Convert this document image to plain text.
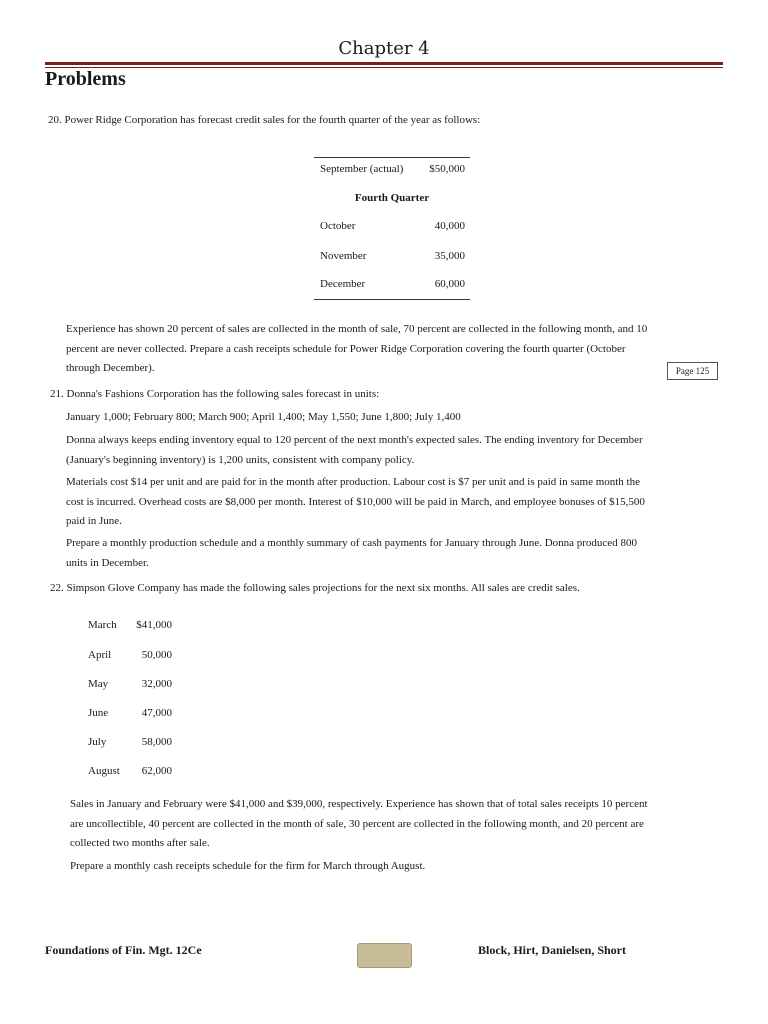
Chapter 4
Problems
20. Power Ridge Corporation has forecast credit sales for the fourth quarter of the year as follows:
September (actual)	$50,000
Fourth Quarter
October	40,000
November	35,000
December	60,000
Experience has shown 20 percent of sales are collected in the month of sale, 70 percent are collected in the following month, and 10
percent are never collected. Prepare a cash receipts schedule for Power Ridge Corporation covering the fourth quarter (October
through December).	Page 125
21. Donna's Fashions Corporation has the following sales forecast in units:
January 1,000; February 800; March 900; April 1,400; May 1,550; June 1,800; July 1,400
Donna always keeps ending inventory equal to 120 percent of the next month's expected sales. The ending inventory for December
(January's beginning inventory) is 1,200 units, consistent with company policy.
Materials cost $14 per unit and are paid for in the month after production. Labour cost is $7 per unit and is paid in same month the
cost is incurred. Overhead costs are $8,000 per month. Interest of $10,000 will be paid in March, and employee bonuses of $15,500
paid in June.
Prepare a monthly production schedule and a monthly summary of cash payments for January through June. Donna produced 800
units in December.
22. Simpson Glove Company has made the following sales projections for the next six months. All sales are credit sales.
March	$41,000
April	50,000
May	32,000
June	47,000
July	58,000
August	62,000
Sales in January and February were $41,000 and $39,000, respectively. Experience has shown that of total sales receipts 10 percent
are uncollectible, 40 percent are collected in the month of sale, 30 percent are collected in the following month, and 20 percent are
collected two months after sale.
Prepare a monthly cash receipts schedule for the firm for March through August.
Foundations of Fin. Mgt. 12Ce	Block, Hirt, Danielsen, Short
